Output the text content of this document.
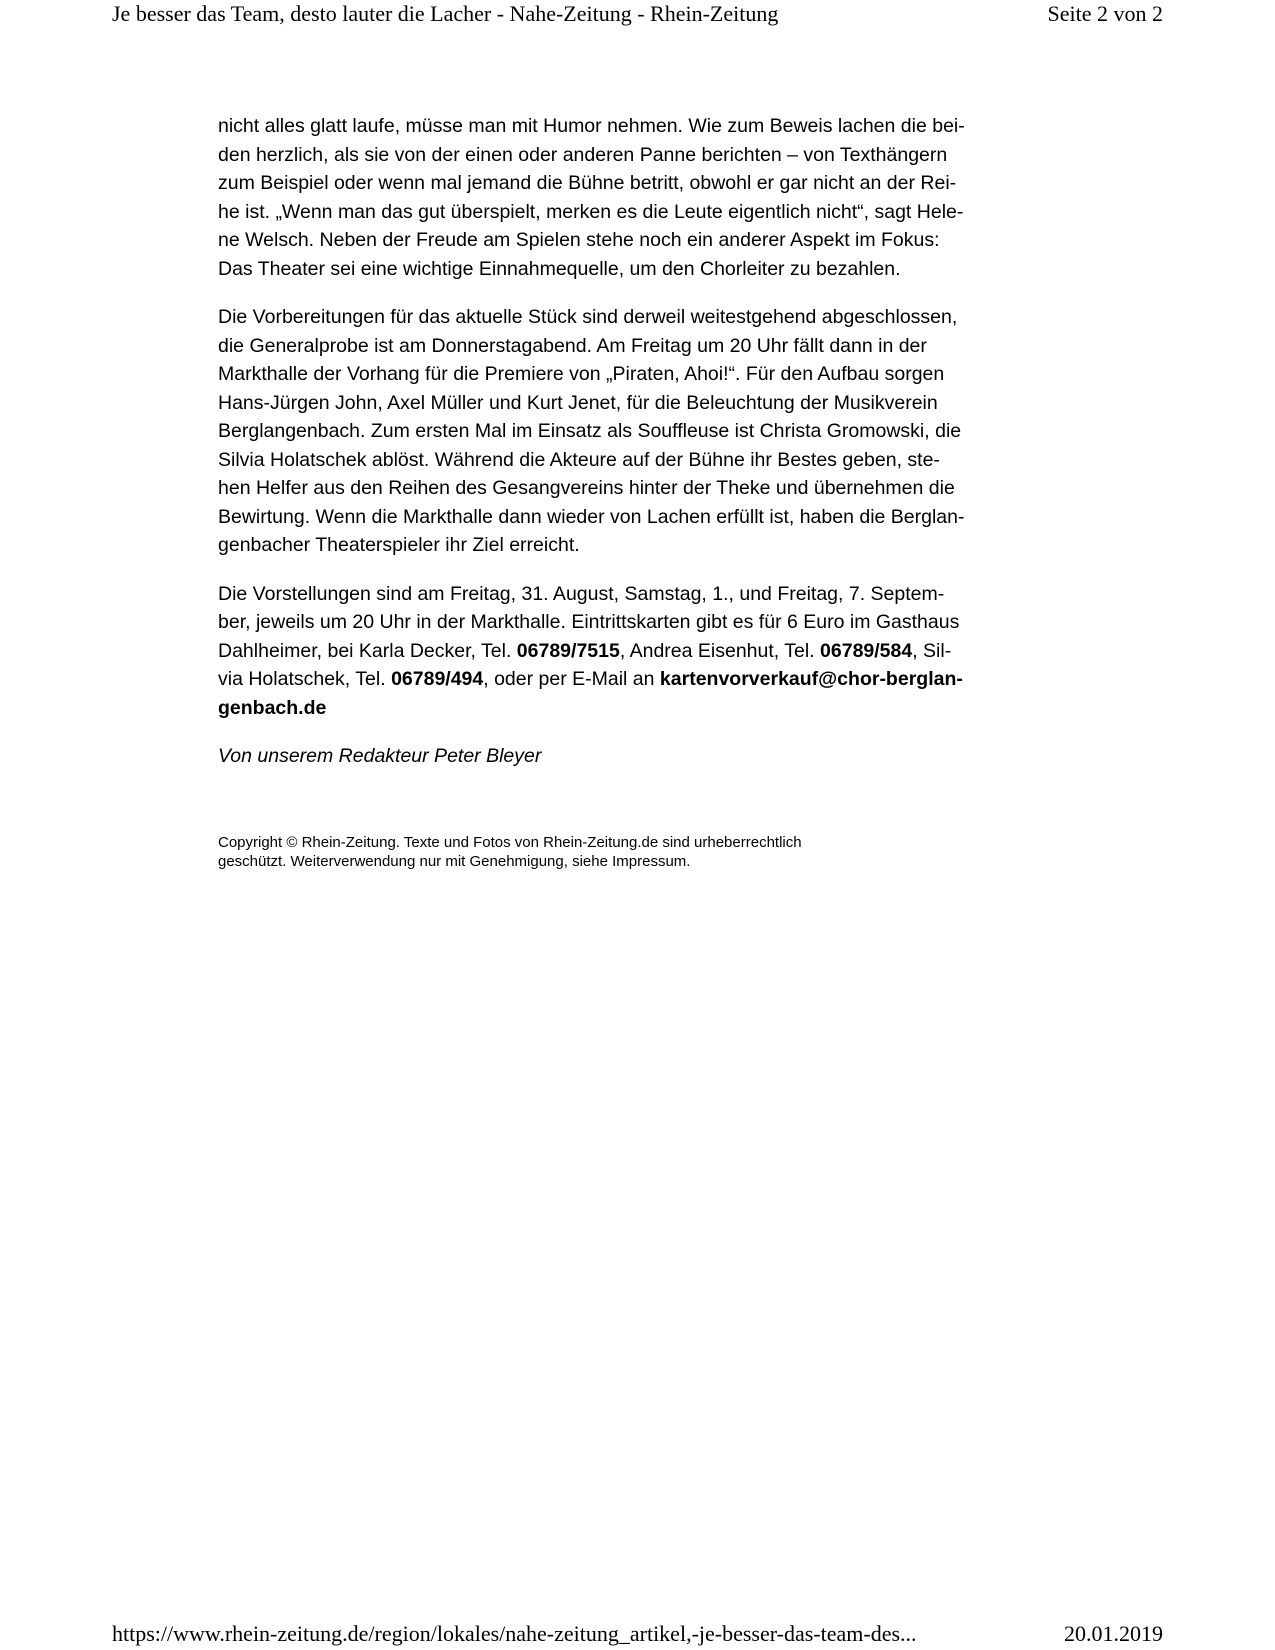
Je besser das Team, desto lauter die Lacher - Nahe-Zeitung - Rhein-Zeitung	Seite 2 von 2

nicht alles glatt laufe, müsse man mit Humor nehmen. Wie zum Beweis lachen die bei-
den herzlich, als sie von der einen oder anderen Panne berichten – von Texthängern
zum Beispiel oder wenn mal jemand die Bühne betritt, obwohl er gar nicht an der Rei-
he ist. „Wenn man das gut überspielt, merken es die Leute eigentlich nicht“, sagt Hele-
ne Welsch. Neben der Freude am Spielen stehe noch ein anderer Aspekt im Fokus:
Das Theater sei eine wichtige Einnahmequelle, um den Chorleiter zu bezahlen.

Die Vorbereitungen für das aktuelle Stück sind derweil weitestgehend abgeschlossen,
die Generalprobe ist am Donnerstagabend. Am Freitag um 20 Uhr fällt dann in der
Markthalle der Vorhang für die Premiere von „Piraten, Ahoi!“. Für den Aufbau sorgen
Hans-Jürgen John, Axel Müller und Kurt Jenet, für die Beleuchtung der Musikverein
Berglangenbach. Zum ersten Mal im Einsatz als Souffleuse ist Christa Gromowski, die
Silvia Holatschek ablöst. Während die Akteure auf der Bühne ihr Bestes geben, ste-
hen Helfer aus den Reihen des Gesangvereins hinter der Theke und übernehmen die
Bewirtung. Wenn die Markthalle dann wieder von Lachen erfüllt ist, haben die Berglan-
genbacher Theaterspieler ihr Ziel erreicht.

Die Vorstellungen sind am Freitag, 31. August, Samstag, 1., und Freitag, 7. Septem-
ber, jeweils um 20 Uhr in der Markthalle. Eintrittskarten gibt es für 6 Euro im Gasthaus
Dahlheimer, bei Karla Decker, Tel. 06789/7515, Andrea Eisenhut, Tel. 06789/584, Sil-
via Holatschek, Tel. 06789/494, oder per E-Mail an kartenvorverkauf@chor-berglan-
genbach.de

Von unserem Redakteur Peter Bleyer

Copyright © Rhein-Zeitung. Texte und Fotos von Rhein-Zeitung.de sind urheberrechtlich
geschützt. Weiterverwendung nur mit Genehmigung, siehe Impressum.
https://www.rhein-zeitung.de/region/lokales/nahe-zeitung_artikel,-je-besser-das-team-des...	20.01.2019
